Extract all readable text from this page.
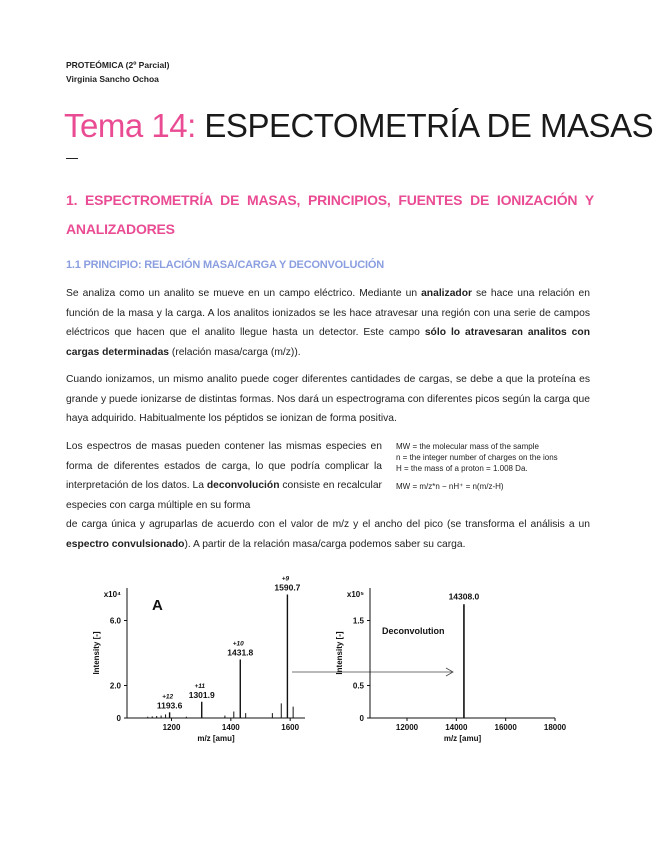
PROTEÓMICA (2º Parcial)
Virginia Sancho Ochoa
Tema 14: ESPECTOMETRÍA DE MASAS
1. ESPECTROMETRÍA DE MASAS, PRINCIPIOS, FUENTES DE IONIZACIÓN Y ANALIZADORES
1.1 PRINCIPIO: RELACIÓN MASA/CARGA Y DECONVOLUCIÓN

Se analiza como un analito se mueve en un campo eléctrico. Mediante un analizador se hace una relación en función de la masa y la carga. A los analitos ionizados se les hace atravesar una región con una serie de campos eléctricos que hacen que el analito llegue hasta un detector. Este campo sólo lo atravesaran analitos con cargas determinadas (relación masa/carga (m/z)).

Cuando ionizamos, un mismo analito puede coger diferentes cantidades de cargas, se debe a que la proteína es grande y puede ionizarse de distintas formas. Nos dará un espectrograma con diferentes picos según la carga que haya adquirido. Habitualmente los péptidos se ionizan de forma positiva.

Los espectros de masas pueden contener las mismas especies en forma de diferentes estados de carga, lo que podría complicar la interpretación de los datos. La deconvolución consiste en recalcular especies con carga múltiple en su forma

de carga única y agruparlas de acuerdo con el valor de m/z y el ancho del pico (se transforma el análisis a un espectro convulsionado). A partir de la relación masa/carga podemos saber su carga.

MW = the molecular mass of the sample
n = the integer number of charges on the ions
H = the mass of a proton = 1.008 Da.
MW = m/z*n − nH⁺ = n(m/z-H)
x10⁴
0
2.0
6.0
1200	1400	1600
m/z [amu]
Intensity [-]
A
1193.6
+12 1301.9
+11
1431.8
+10
1590.7
+9
x10⁵
0
0.5
1.5
12000	14000	16000	18000
m/z [amu]
Intensity [-]
Deconvolution
14308.0
